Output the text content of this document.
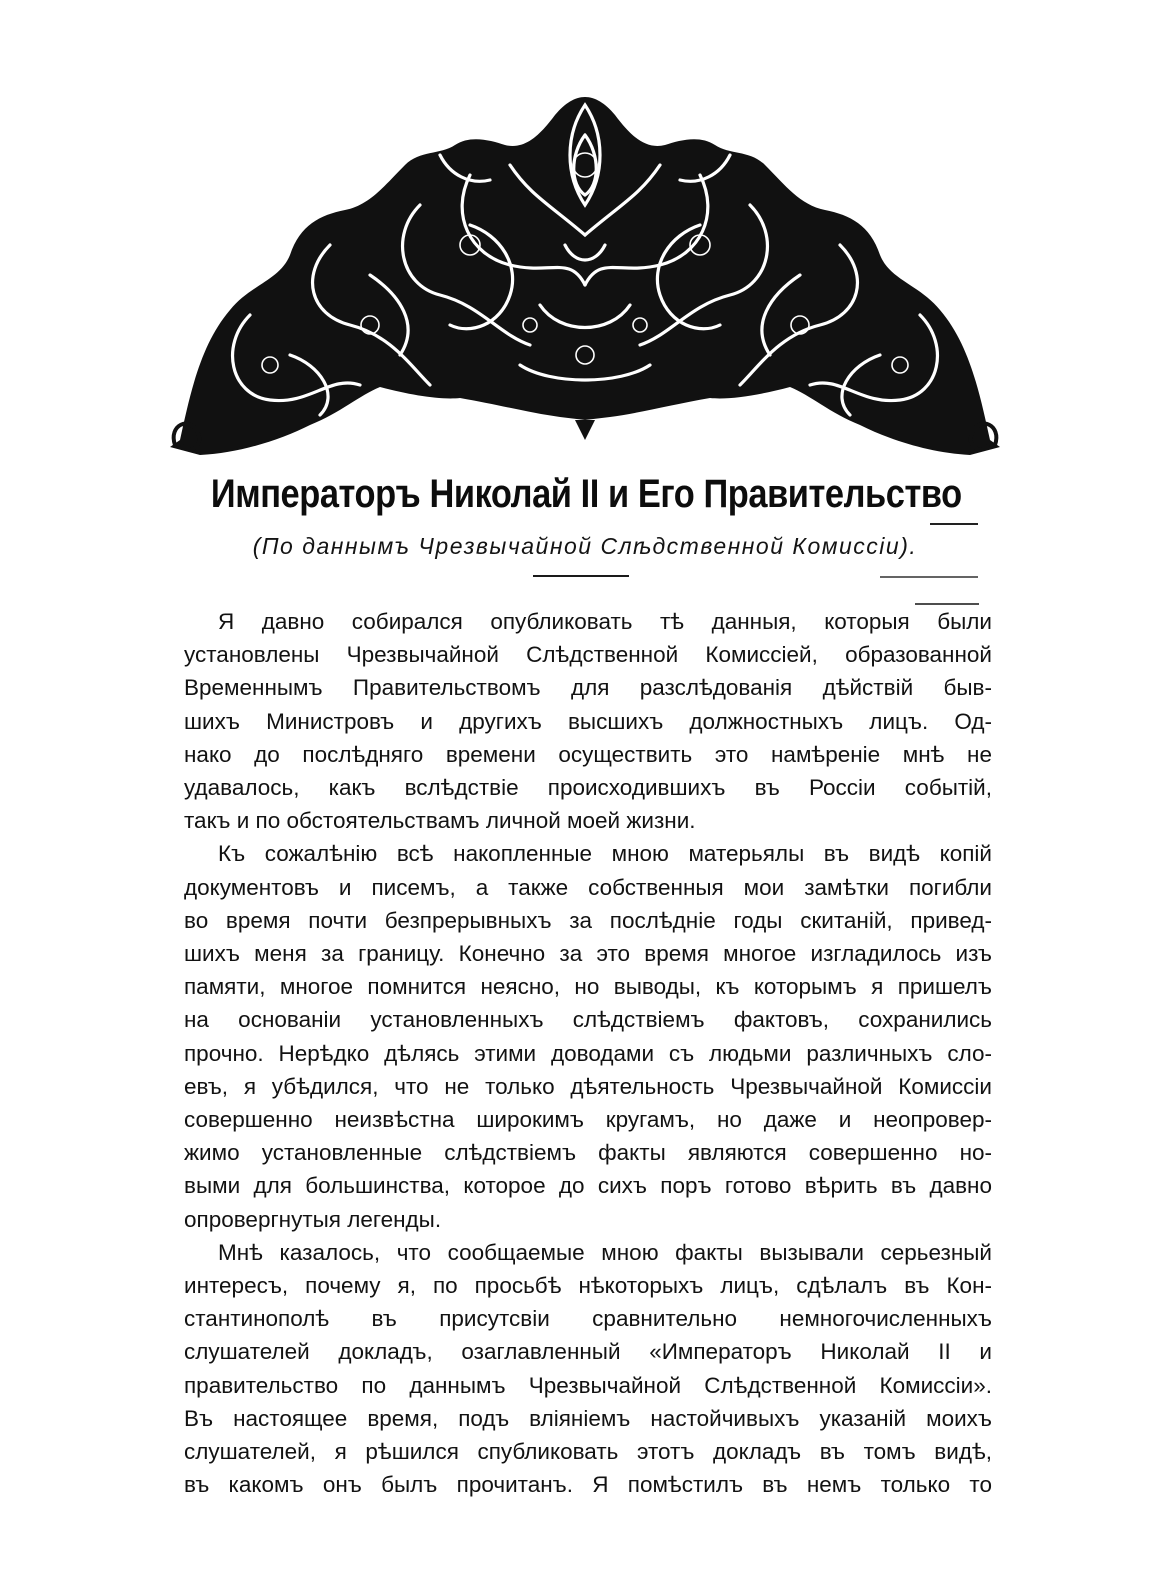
Императоръ Николай II и Его Правительство
(По даннымъ Чрезвычайной Слѣдственной Комиссiи).
Я давно собирался опубликовать тѣ данныя, которыя были
установлены Чрезвычайной Слѣдственной Комиссiей, образованной
Временнымъ Правительствомъ для разслѣдованiя дѣйствiй быв-
шихъ Министровъ и другихъ высшихъ должностныхъ лицъ. Од-
нако до послѣдняго времени осуществить это намѣренiе мнѣ не
удавалось, какъ вслѣдствiе происходившихъ въ Россiи событiй,
такъ и по обстоятельствамъ личной моей жизни.
Къ сожалѣнiю всѣ накопленные мною матерьялы въ видѣ копiй
документовъ и писемъ, а также собственныя мои замѣтки погибли
во время почти безпрерывныхъ за послѣднiе годы скитанiй, привед-
шихъ меня за границу. Конечно за это время многое изгладилось изъ
памяти, многое помнится неясно, но выводы, къ которымъ я пришелъ
на основанiи установленныхъ слѣдствiемъ фактовъ, сохранились
прочно. Нерѣдко дѣлясь этими доводами съ людьми различныхъ сло-
евъ, я убѣдился, что не только дѣятельность Чрезвычайной Комиссiи
совершенно неизвѣстна широкимъ кругамъ, но даже и неопровер-
жимо установленные слѣдствiемъ факты являются совершенно но-
выми для большинства, которое до сихъ поръ готово вѣрить въ давно
опровергнутыя легенды.
Мнѣ казалось, что сообщаемые мною факты вызывали серьезный
интересъ, почему я, по просьбѣ нѣкоторыхъ лицъ, сдѣлалъ въ Кон-
стантинополѣ въ присутсвiи сравнительно немногочисленныхъ
слушателей докладъ, озаглавленный «Императоръ Николай II и
правительство по даннымъ Чрезвычайной Слѣдственной Комиссiи».
Въ настоящее время, подъ влiянiемъ настойчивыхъ указанiй моихъ
слушателей, я рѣшился спубликовать этотъ докладъ въ томъ видѣ,
въ какомъ онъ былъ прочитанъ. Я помѣстилъ въ немъ только то
